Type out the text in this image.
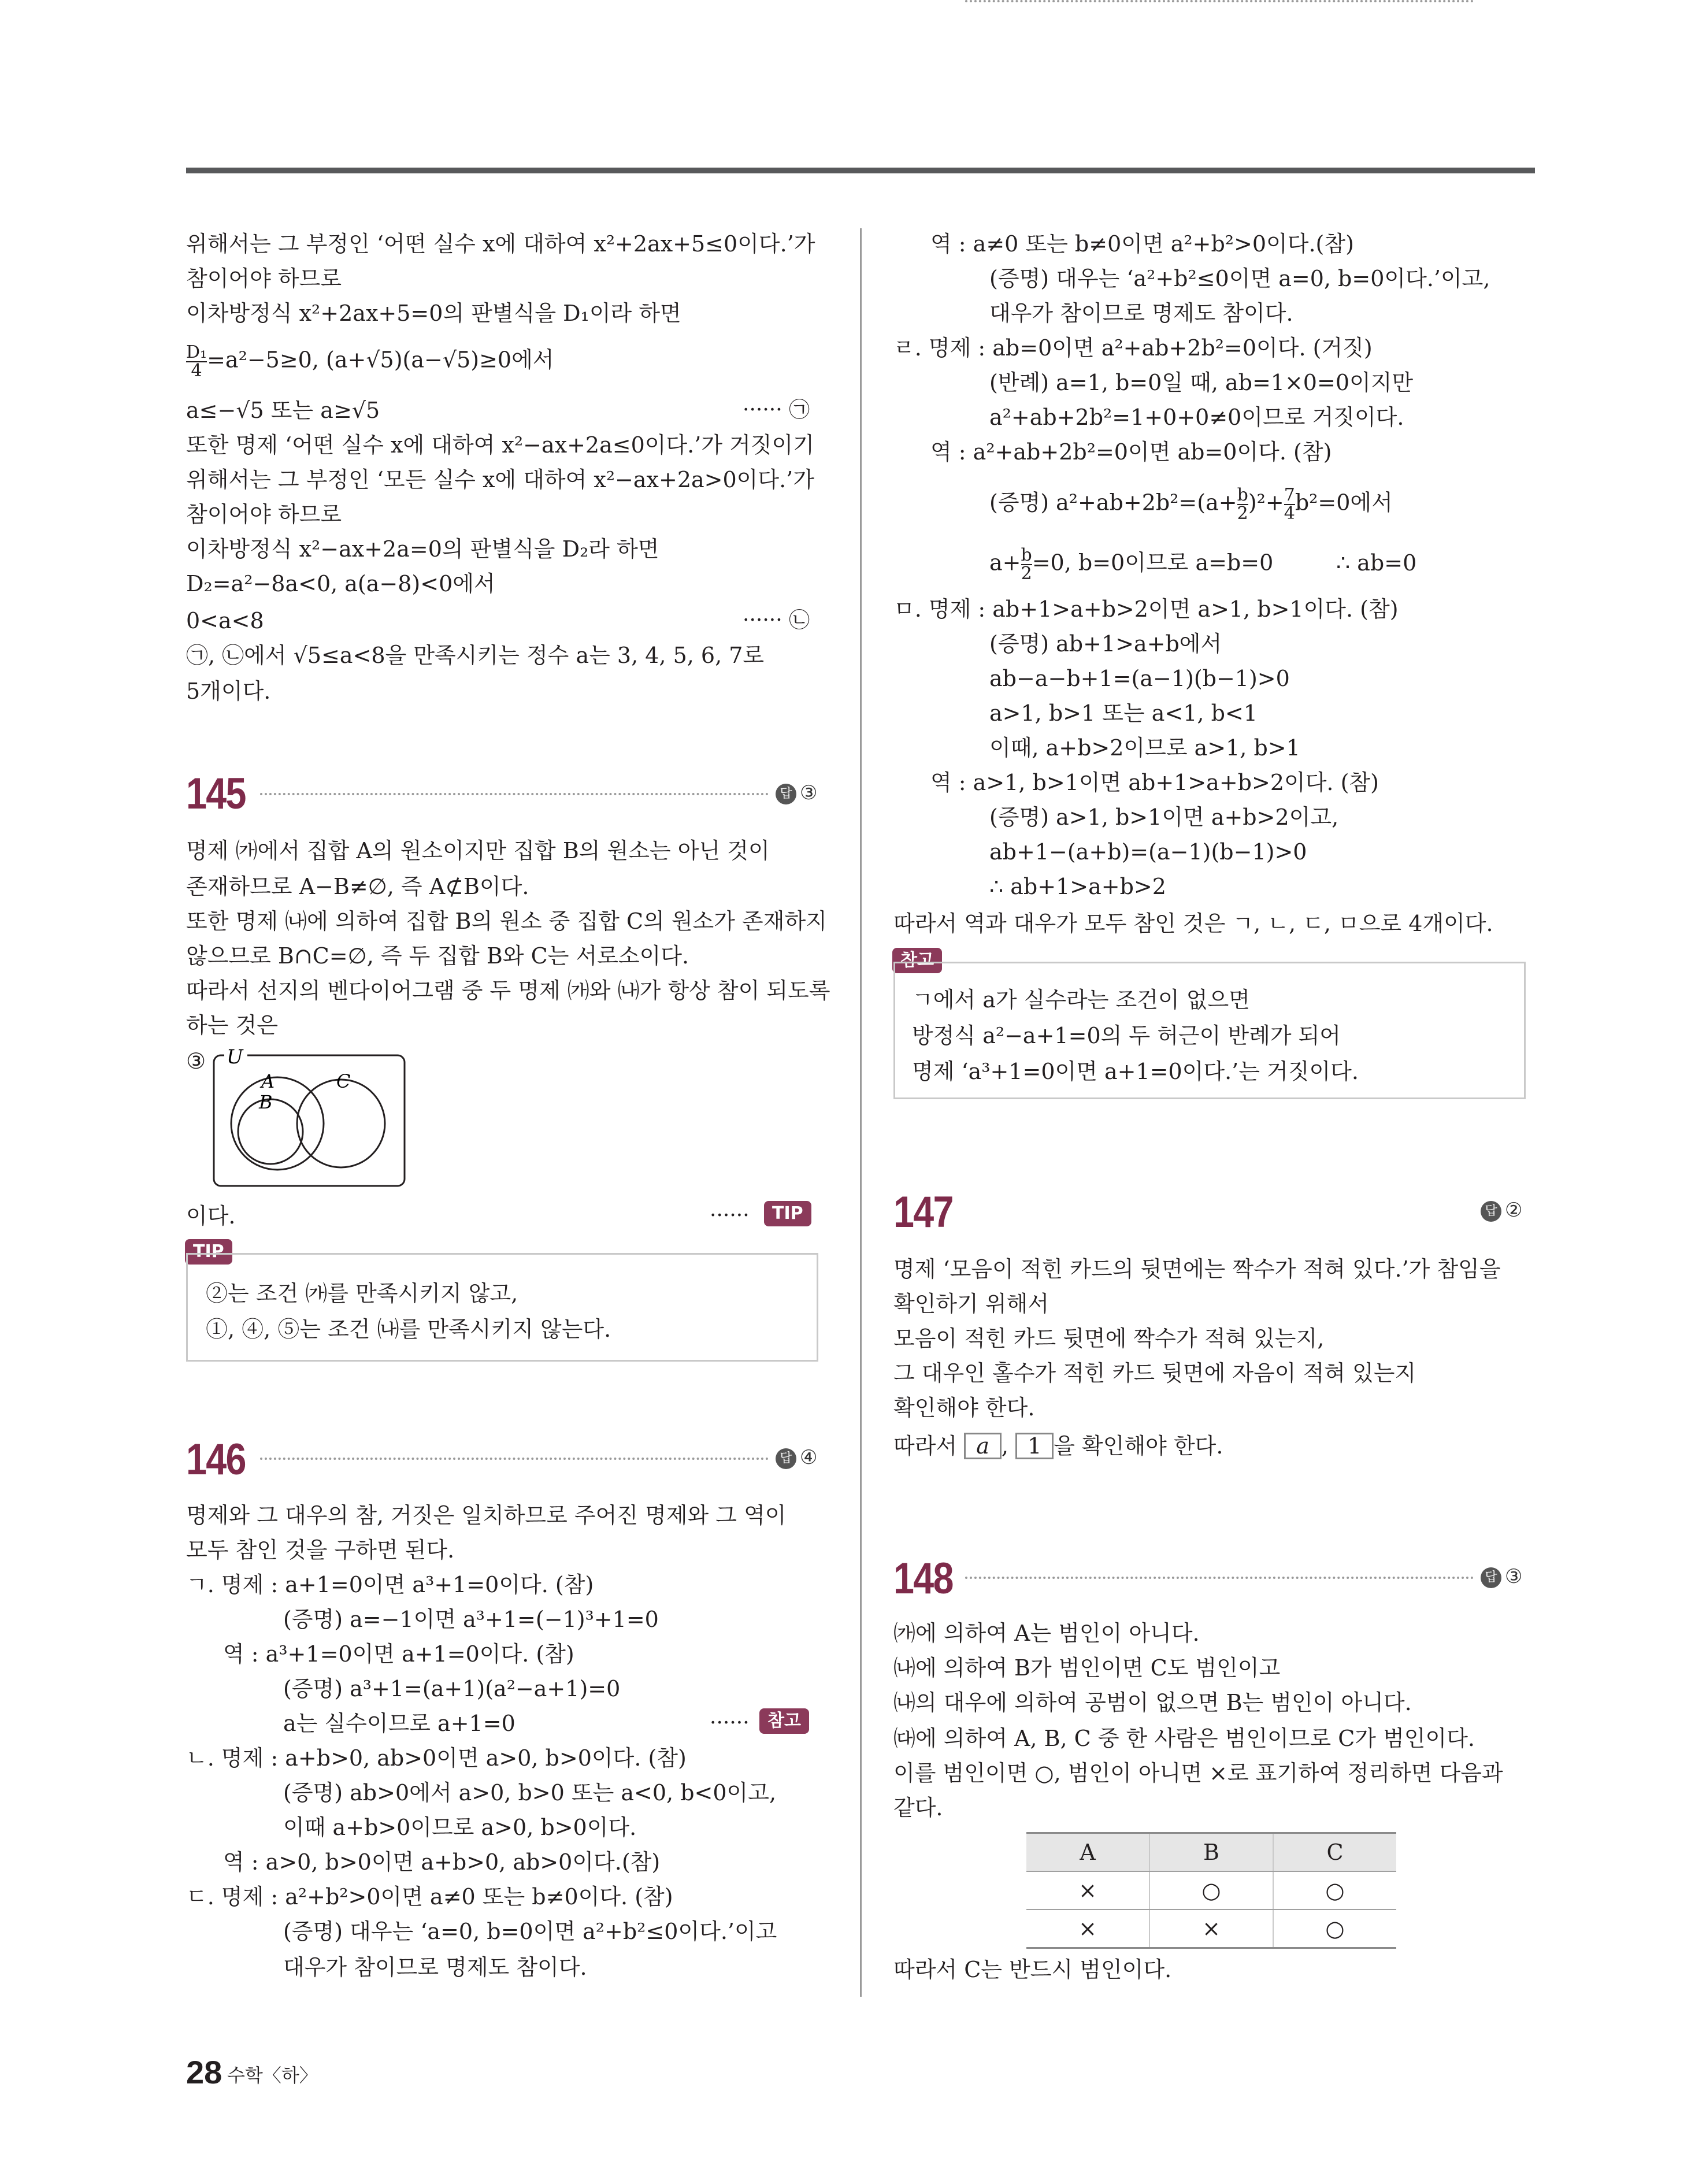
위해서는 그 부정인 ‘어떤 실수 x에 대하여 x²+2ax+5≤0이다.’가
참이어야 하므로
이차방정식 x²+2ax+5=0의 판별식을 D₁이라 하면
$\frac{\text{D₁}}{4} =a^2-5\ge 0$, (a+√5)(a−√5)≥0에서
a≤−√5 또는 a≥√5	······ ㉠
또한 명제 ‘어떤 실수 x에 대하여 x²−ax+2a≤0이다.’가 거짓이기
위해서는 그 부정인 ‘모든 실수 x에 대하여 x²−ax+2a>0이다.’가
참이어야 하므로
이차방정식 x²−ax+2a=0의 판별식을 D₂라 하면
D₂=a²−8a<0, a(a−8)<0에서
0<a<8	······ ㉡
㉠, ㉡에서 √5≤a<8을 만족시키는 정수 a는 3, 4, 5, 6, 7로
5개이다.
145	답 ③
명제 ㈎에서 집합 A의 원소이지만 집합 B의 원소는 아닌 것이
존재하므로 A−B≠∅, 즉 A⊄B이다.
또한 명제 ㈏에 의하여 집합 B의 원소 중 집합 C의 원소가 존재하지
않으므로 B∩C=∅, 즉 두 집합 B와 C는 서로소이다.
따라서 선지의 벤다이어그램 중 두 명제 ㈎와 ㈏가 항상 참이 되도록
하는 것은
③ U
A
B
C
이다.	······	TIP
TIP
②는 조건 ㈎를 만족시키지 않고,
①, ④, ⑤는 조건 ㈏를 만족시키지 않는다.
146	답 ④
명제와 그 대우의 참, 거짓은 일치하므로 주어진 명제와 그 역이
모두 참인 것을 구하면 된다.
ㄱ. 명제 : a+1=0이면 a³+1=0이다. (참)
(증명) a=−1이면 a³+1=(−1)³+1=0
역 : a³+1=0이면 a+1=0이다. (참)
(증명) a³+1=(a+1)(a²−a+1)=0
a는 실수이므로 a+1=0	······	참고
ㄴ. 명제 : a+b>0, ab>0이면 a>0, b>0이다. (참)
(증명) ab>0에서 a>0, b>0 또는 a<0, b<0이고,
이때 a+b>0이므로 a>0, b>0이다.
역 : a>0, b>0이면 a+b>0, ab>0이다.(참)
ㄷ. 명제 : a²+b²>0이면 a≠0 또는 b≠0이다. (참)
(증명) 대우는 ‘a=0, b=0이면 a²+b²≤0이다.’이고
대우가 참이므로 명제도 참이다.
역 : a≠0 또는 b≠0이면 a²+b²>0이다.(참)
(증명) 대우는 ‘a²+b²≤0이면 a=0, b=0이다.’이고,
대우가 참이므로 명제도 참이다.
ㄹ. 명제 : ab=0이면 a²+ab+2b²=0이다. (거짓)
(반례) a=1, b=0일 때, ab=1×0=0이지만
a²+ab+2b²=1+0+0≠0이므로 거짓이다.
역 : a²+ab+2b²=0이면 ab=0이다. (참)
(증명) $a^2+ab+2b^2=(a+ \frac{b}{2} )^2+ \frac{7}{4} b^2=0$에서
$a+ \frac{b}{2} =0$, b=0이므로 a=b=0	∴ ab=0
ㅁ. 명제 : ab+1>a+b>2이면 a>1, b>1이다. (참)
(증명) ab+1>a+b에서
ab−a−b+1=(a−1)(b−1)>0
a>1, b>1 또는 a<1, b<1
이때, a+b>2이므로 a>1, b>1
역 : a>1, b>1이면 ab+1>a+b>2이다. (참)
(증명) a>1, b>1이면 a+b>2이고,
ab+1−(a+b)=(a−1)(b−1)>0
∴ ab+1>a+b>2
따라서 역과 대우가 모두 참인 것은 ㄱ, ㄴ, ㄷ, ㅁ으로 4개이다.
참고
ㄱ에서 a가 실수라는 조건이 없으면
방정식 a²−a+1=0의 두 허근이 반례가 되어
명제 ‘a³+1=0이면 a+1=0이다.’는 거짓이다.
147	답 ②
명제 ‘모음이 적힌 카드의 뒷면에는 짝수가 적혀 있다.’가 참임을
확인하기 위해서
모음이 적힌 카드 뒷면에 짝수가 적혀 있는지,
그 대우인 홀수가 적힌 카드 뒷면에 자음이 적혀 있는지
확인해야 한다.
따라서 a , 1 을 확인해야 한다.
148	답 ③
㈎에 의하여 A는 범인이 아니다.
㈏에 의하여 B가 범인이면 C도 범인이고
㈏의 대우에 의하여 공범이 없으면 B는 범인이 아니다.
㈐에 의하여 A, B, C 중 한 사람은 범인이므로 C가 범인이다.
이를 범인이면 ○, 범인이 아니면 ×로 표기하여 정리하면 다음과
같다.
A	B	C
×	○	○
×	×	○
따라서 C는 반드시 범인이다.
28 수학〈하〉
